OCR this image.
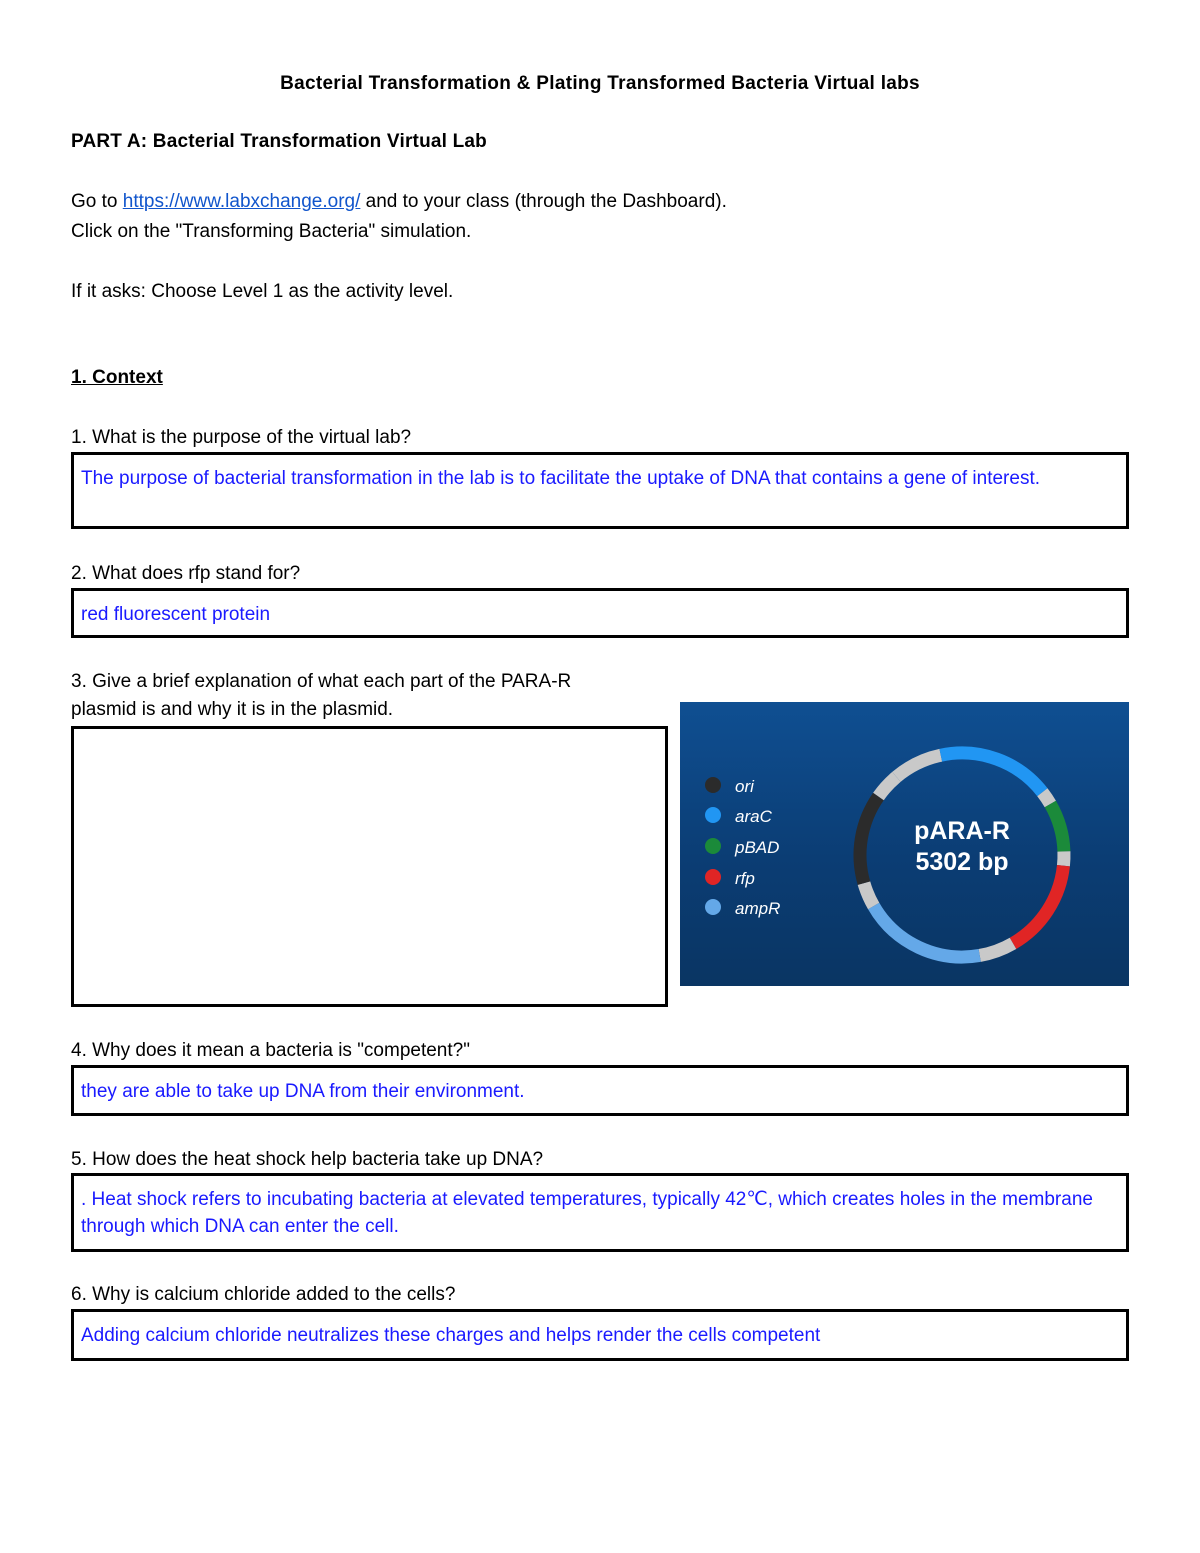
Bacterial Transformation & Plating Transformed Bacteria Virtual labs
PART A: Bacterial Transformation Virtual Lab
Go to https://www.labxchange.org/ and to your class (through the Dashboard).
Click on the "Transforming Bacteria" simulation.
If it asks: Choose Level 1 as the activity level.
1. Context
1. What is the purpose of the virtual lab?
The purpose of bacterial transformation in the lab is to facilitate the uptake of DNA that contains a gene of interest.
2. What does rfp stand for?
red fluorescent protein
3. Give a brief explanation of what each part of the PARA-R
plasmid is and why it is in the plasmid.
ori
araC
pBAD
rfp
ampR
pARA-R
5302 bp
4. Why does it mean a bacteria is "competent?"
they are able to take up DNA from their environment.
5. How does the heat shock help bacteria take up DNA?
. Heat shock refers to incubating bacteria at elevated temperatures, typically 42℃, which creates holes in the membrane through which DNA can enter the cell.
6. Why is calcium chloride added to the cells?
Adding calcium chloride neutralizes these charges and helps render the cells competent
